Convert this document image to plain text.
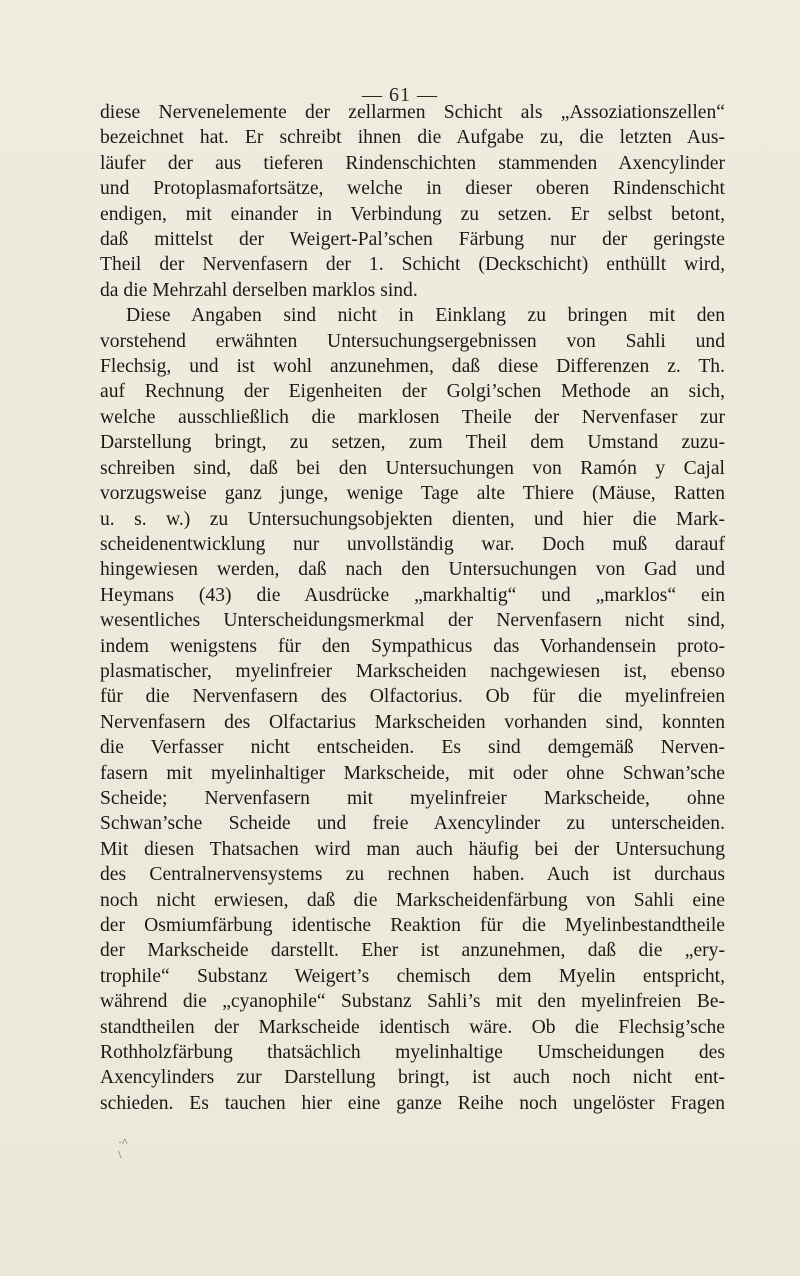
— 61 —
diese Nervenelemente der zellarmen Schicht als „Assoziationszellen“
bezeichnet hat. Er schreibt ihnen die Aufgabe zu, die letzten Aus-
läufer der aus tieferen Rindenschichten stammenden Axencylinder
und Protoplasmafortsätze, welche in dieser oberen Rindenschicht
endigen, mit einander in Verbindung zu setzen. Er selbst betont,
daß mittelst der Weigert-Pal’schen Färbung nur der geringste
Theil der Nervenfasern der 1. Schicht (Deckschicht) enthüllt wird,
da die Mehrzahl derselben marklos sind.
Diese Angaben sind nicht in Einklang zu bringen mit den
vorstehend erwähnten Untersuchungsergebnissen von Sahli und
Flechsig, und ist wohl anzunehmen, daß diese Differenzen z. Th.
auf Rechnung der Eigenheiten der Golgi’schen Methode an sich,
welche ausschließlich die marklosen Theile der Nervenfaser zur
Darstellung bringt, zu setzen, zum Theil dem Umstand zuzu-
schreiben sind, daß bei den Untersuchungen von Ramón y Cajal
vorzugsweise ganz junge, wenige Tage alte Thiere (Mäuse, Ratten
u. s. w.) zu Untersuchungsobjekten dienten, und hier die Mark-
scheidenentwicklung nur unvollständig war. Doch muß darauf
hingewiesen werden, daß nach den Untersuchungen von Gad und
Heymans (43) die Ausdrücke „markhaltig“ und „marklos“ ein
wesentliches Unterscheidungsmerkmal der Nervenfasern nicht sind,
indem wenigstens für den Sympathicus das Vorhandensein proto-
plasmatischer, myelinfreier Markscheiden nachgewiesen ist, ebenso
für die Nervenfasern des Olfactorius. Ob für die myelinfreien
Nervenfasern des Olfactarius Markscheiden vorhanden sind, konnten
die Verfasser nicht entscheiden. Es sind demgemäß Nerven-
fasern mit myelinhaltiger Markscheide, mit oder ohne Schwan’sche
Scheide; Nervenfasern mit myelinfreier Markscheide, ohne
Schwan’sche Scheide und freie Axencylinder zu unterscheiden.
Mit diesen Thatsachen wird man auch häufig bei der Untersuchung
des Centralnervensystems zu rechnen haben. Auch ist durchaus
noch nicht erwiesen, daß die Markscheidenfärbung von Sahli eine
der Osmiumfärbung identische Reaktion für die Myelinbestandtheile
der Markscheide darstellt. Eher ist anzunehmen, daß die „ery-
trophile“ Substanz Weigert’s chemisch dem Myelin entspricht,
während die „cyanophile“ Substanz Sahli’s mit den myelinfreien Be-
standtheilen der Markscheide identisch wäre. Ob die Flechsig’sche
Rothholzfärbung thatsächlich myelinhaltige Umscheidungen des
Axencylinders zur Darstellung bringt, ist auch noch nicht ent-
schieden. Es tauchen hier eine ganze Reihe noch ungelöster Fragen
·^
\
